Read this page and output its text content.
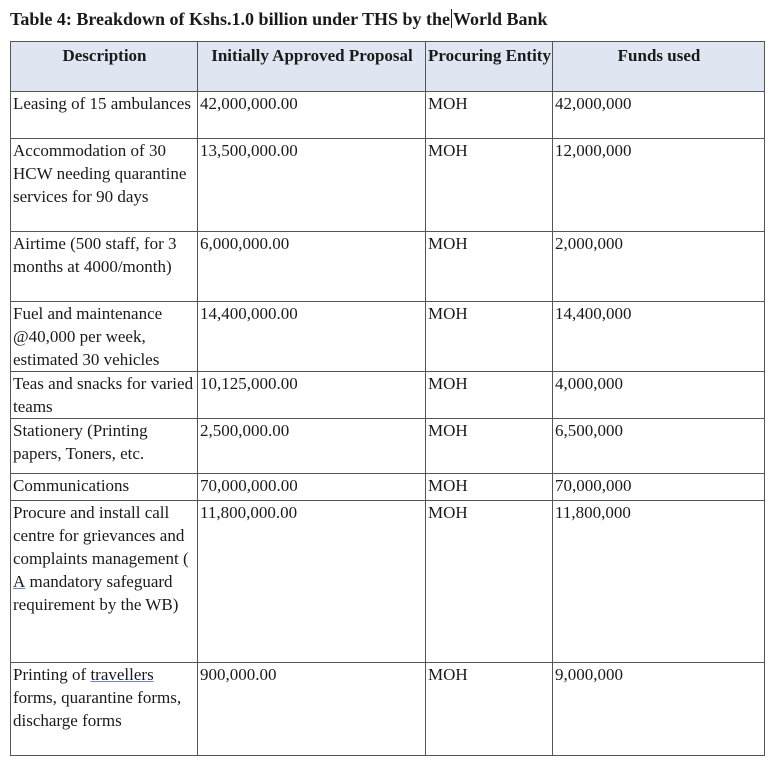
Table 4: Breakdown of Kshs.1.0 billion under THS by the World Bank
Description	Initially Approved Proposal	Procuring Entity	Funds used
Leasing of 15 ambulances	42,000,000.00	MOH	42,000,000
Accommodation of 30 HCW needing quarantine services for 90 days	13,500,000.00	MOH	12,000,000
Airtime (500 staff, for 3 months at 4000/month)	6,000,000.00	MOH	2,000,000
Fuel and maintenance @40,000 per week, estimated 30 vehicles	14,400,000.00	MOH	14,400,000
Teas and snacks for varied teams	10,125,000.00	MOH	4,000,000
Stationery (Printing papers, Toners, etc.	2,500,000.00	MOH	6,500,000
Communications	70,000,000.00	MOH	70,000,000
Procure and install call centre for grievances and complaints management ( A mandatory safeguard requirement by the WB)	11,800,000.00	MOH	11,800,000
Printing of travellers forms, quarantine forms, discharge forms	900,000.00	MOH	9,000,000
